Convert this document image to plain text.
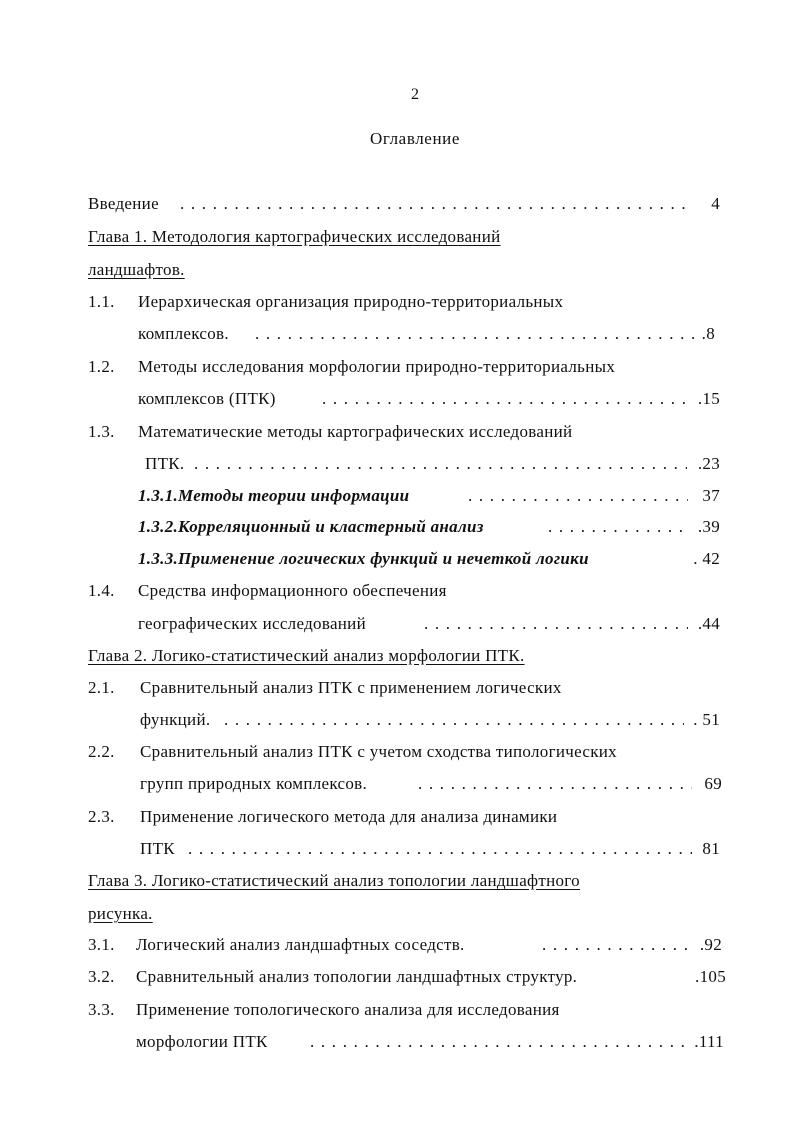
2
Оглавление
Введение . . .	4
Глава 1. Методология картографических исследований
ландшафтов.
1.1. Иерархическая организация природно-территориальных
комплексов. . . .	.8
1.2. Методы исследования морфологии природно-территориальных
комплексов (ПТК) . . .	.15
1.3. Математические методы картографических исследований
ПТК. . . .	.23
1.3.1.Методы теории информации . . .	37
1.3.2.Корреляционный и кластерный анализ . . .	.39
1.3.3.Применение логических функций и нечеткой логики	. 42
1.4. Средства информационного обеспечения
географических исследований . . .	.44
Глава 2. Логико-статистический анализ морфологии ПТК.
2.1. Сравнительный анализ ПТК с применением логических
функций. . . .	. 51
2.2. Сравнительный анализ ПТК с учетом сходства типологических
групп природных комплексов. . . .	69
2.3. Применение логического метода для анализа динамики
ПТК . . .	81
Глава 3. Логико-статистический анализ топологии ландшафтного
рисунка.
3.1. Логический анализ ландшафтных соседств. . . .	.92
3.2. Сравнительный анализ топологии ландшафтных структур.	.105
3.3. Применение топологического анализа для исследования
морфологии ПТК . . .	.111
